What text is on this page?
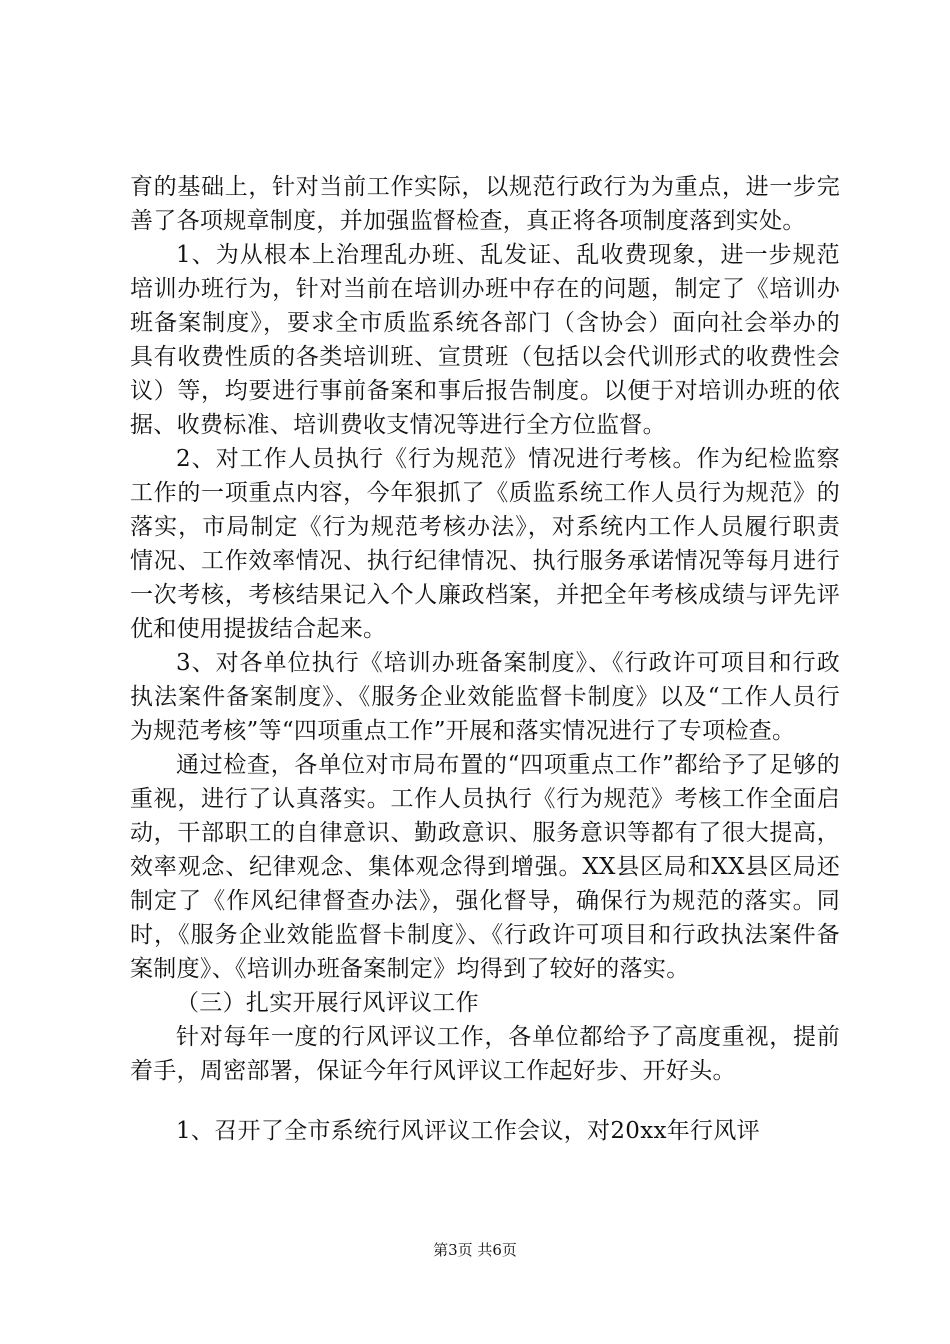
育的基础上，针对当前工作实际，以规范行政行为为重点，进一步完善了各项规章制度，并加强监督检查，真正将各项制度落到实处。

1、为从根本上治理乱办班、乱发证、乱收费现象，进一步规范培训办班行为，针对当前在培训办班中存在的问题，制定了《培训办班备案制度》，要求全市质监系统各部门（含协会）面向社会举办的具有收费性质的各类培训班、宣贯班（包括以会代训形式的收费性会议）等，均要进行事前备案和事后报告制度。以便于对培训办班的依据、收费标准、培训费收支情况等进行全方位监督。

2、对工作人员执行《行为规范》情况进行考核。作为纪检监察工作的一项重点内容，今年狠抓了《质监系统工作人员行为规范》的落实，市局制定《行为规范考核办法》，对系统内工作人员履行职责情况、工作效率情况、执行纪律情况、执行服务承诺情况等每月进行一次考核，考核结果记入个人廉政档案，并把全年考核成绩与评先评优和使用提拔结合起来。

3、对各单位执行《培训办班备案制度》、《行政许可项目和行政执法案件备案制度》、《服务企业效能监督卡制度》以及“工作人员行为规范考核”等“四项重点工作”开展和落实情况进行了专项检查。

通过检查，各单位对市局布置的“四项重点工作”都给予了足够的重视，进行了认真落实。工作人员执行《行为规范》考核工作全面启动，干部职工的自律意识、勤政意识、服务意识等都有了很大提高，效率观念、纪律观念、集体观念得到增强。XX县区局和XX县区局还制定了《作风纪律督查办法》，强化督导，确保行为规范的落实。同时，《服务企业效能监督卡制度》、《行政许可项目和行政执法案件备案制度》、《培训办班备案制定》均得到了较好的落实。

（三）扎实开展行风评议工作

针对每年一度的行风评议工作，各单位都给予了高度重视，提前着手，周密部署，保证今年行风评议工作起好步、开好头。

1、召开了全市系统行风评议工作会议，对20xx年行风评

第3页 共6页
